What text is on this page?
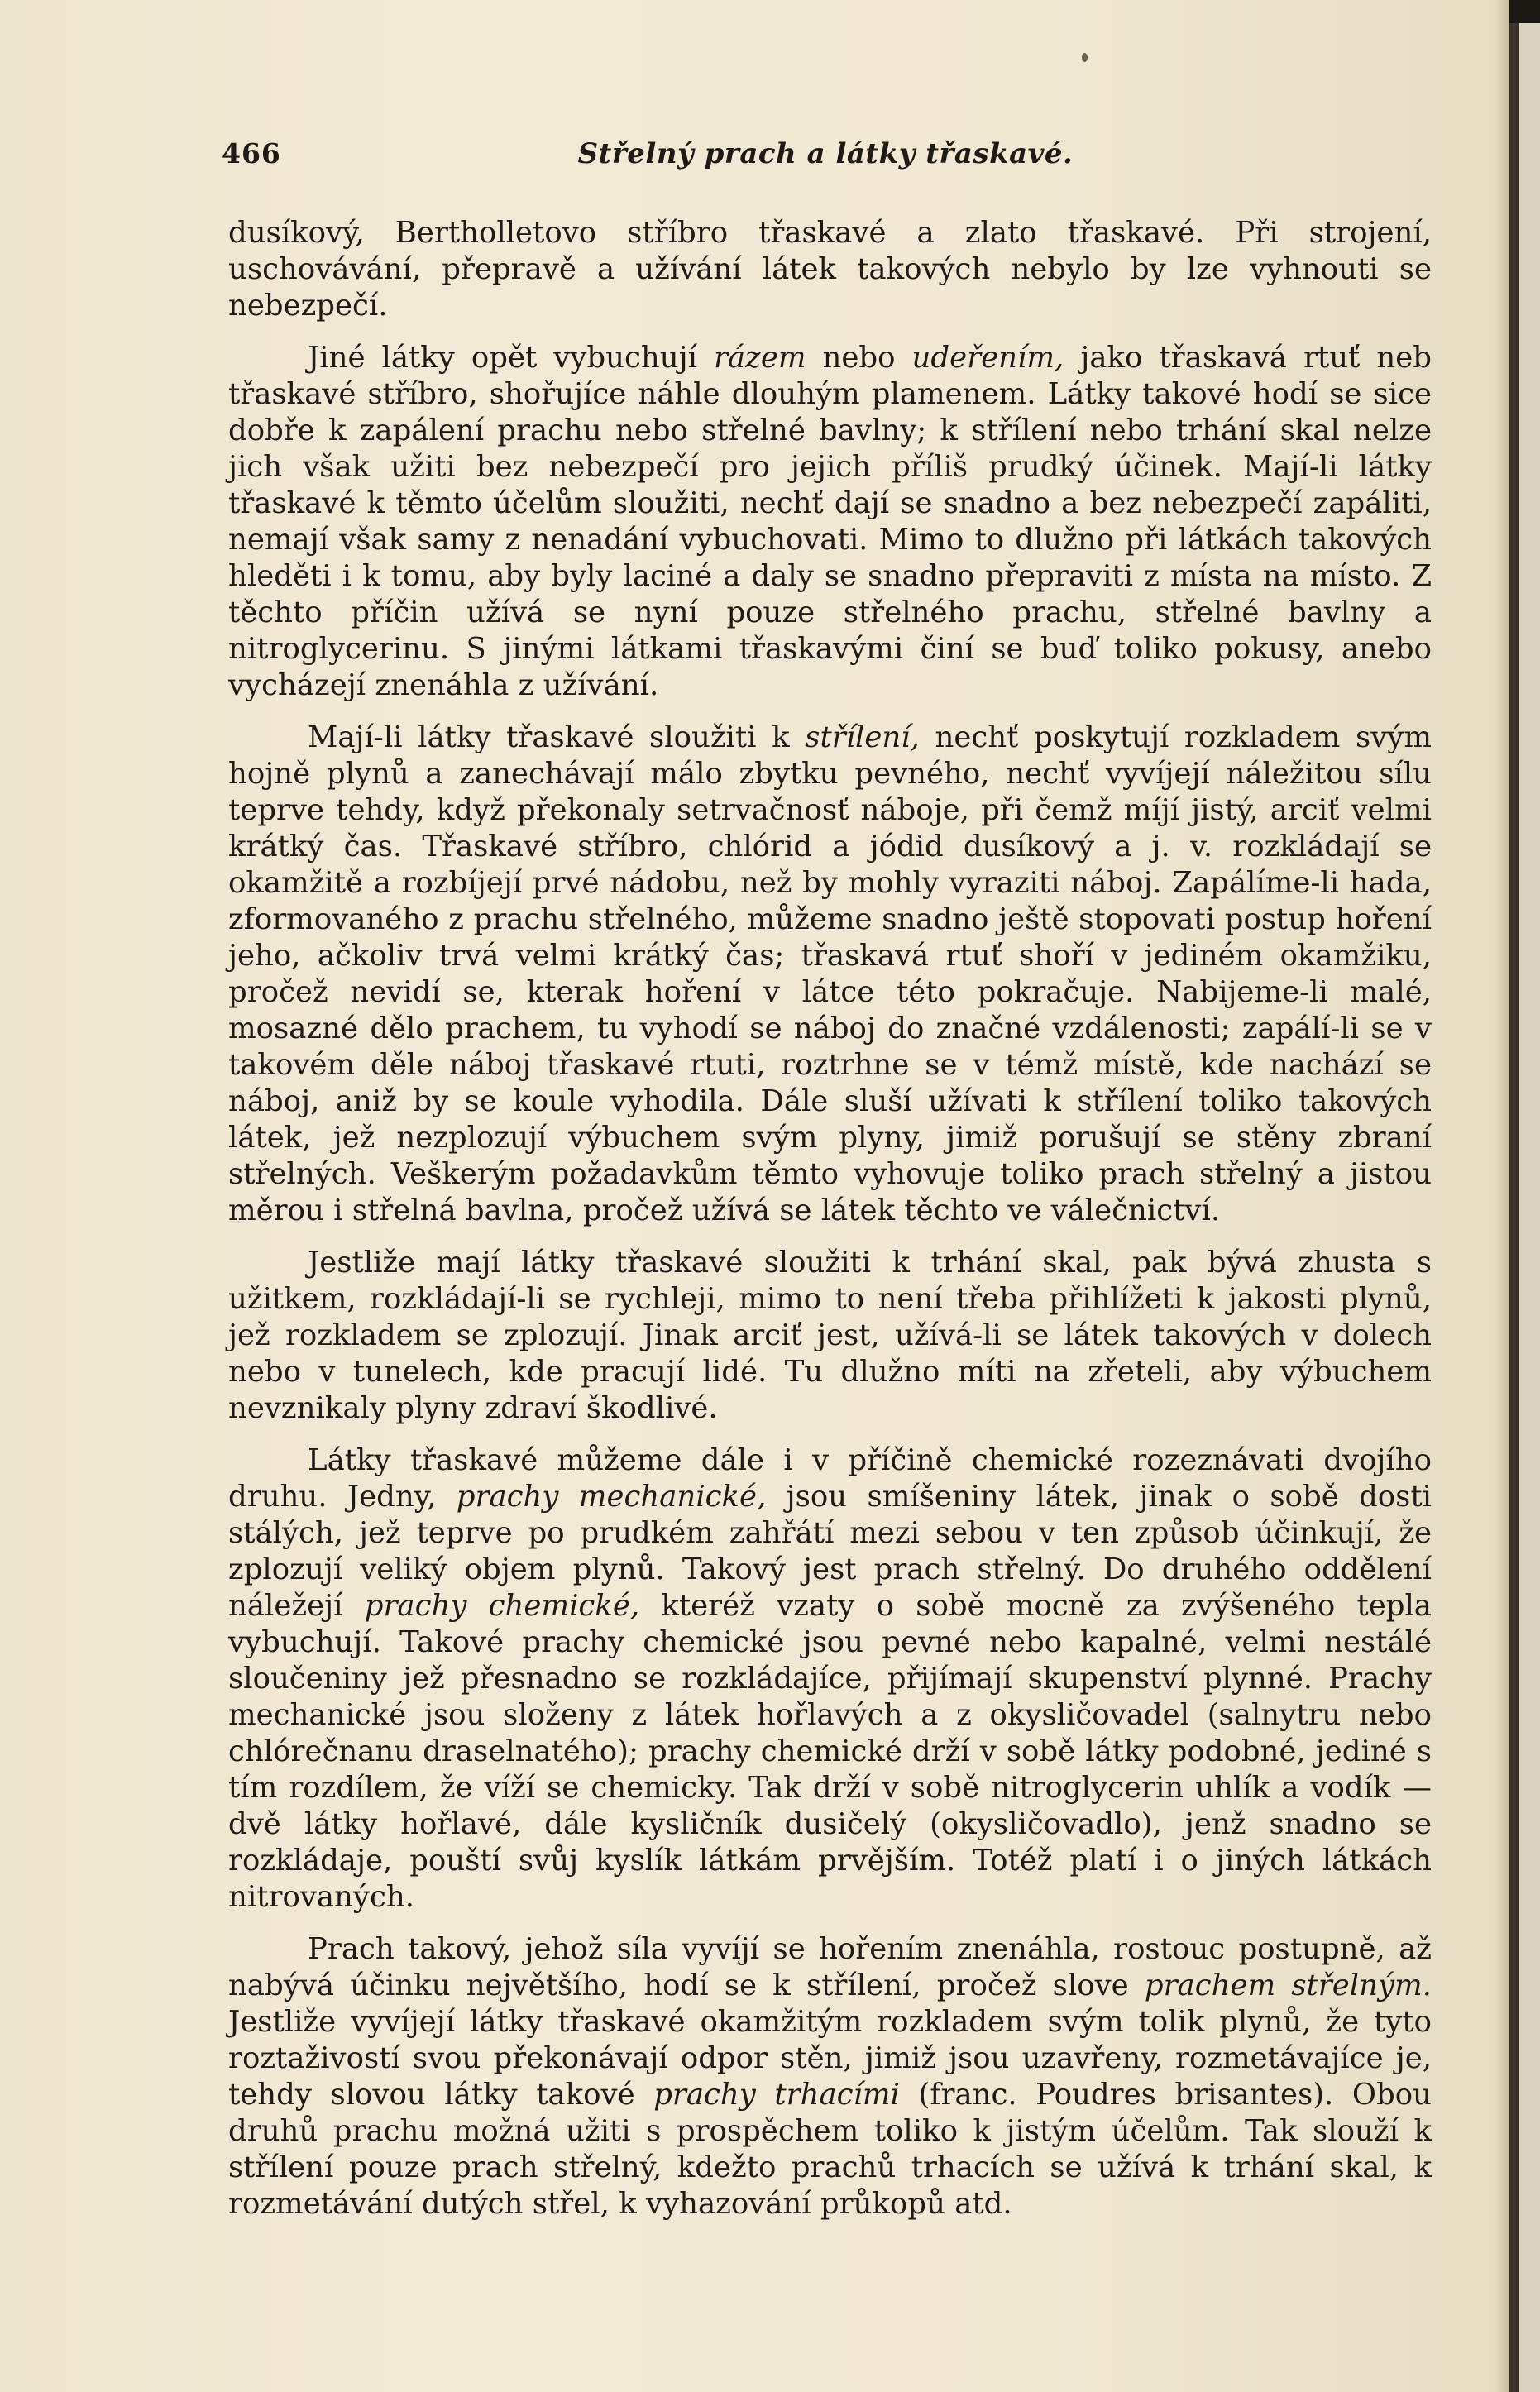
466	Střelný prach a látky třaskavé.

dusíkový, Bertholletovo stříbro třaskavé a zlato třaskavé. Při strojení, uschovávání, přepravě a užívání látek takových nebylo by lze vyhnouti se nebezpečí.

Jiné látky opět vybuchují rázem nebo udeřením, jako třaskavá rtuť neb třaskavé stříbro, shořujíce náhle dlouhým plamenem. Látky takové hodí se sice dobře k zapálení prachu nebo střelné bavlny; k střílení nebo trhání skal nelze jich však užiti bez nebezpečí pro jejich příliš prudký účinek. Mají-li látky třaskavé k těmto účelům sloužiti, nechť dají se snadno a bez nebezpečí zapáliti, nemají však samy z nenadání vybuchovati. Mimo to dlužno při látkách takových hleděti i k tomu, aby byly laciné a daly se snadno přepraviti z místa na místo. Z těchto příčin užívá se nyní pouze střelného prachu, střelné bavlny a nitroglycerinu. S jinými látkami třaskavými činí se buď toliko pokusy, anebo vycházejí znenáhla z užívání.

Mají-li látky třaskavé sloužiti k střílení, nechť poskytují rozkladem svým hojně plynů a zanechávají málo zbytku pevného, nechť vyvíjejí náležitou sílu teprve tehdy, když překonaly setrvačnosť náboje, při čemž míjí jistý, arciť velmi krátký čas. Třaskavé stříbro, chlórid a jódid dusíkový a j. v. rozkládají se okamžitě a rozbíjejí prvé nádobu, než by mohly vyraziti náboj. Zapálíme-li hada, zformovaného z prachu střelného, můžeme snadno ještě stopovati postup hoření jeho, ačkoliv trvá velmi krátký čas; třaskavá rtuť shoří v jediném okamžiku, pročež nevidí se, kterak hoření v látce této pokračuje. Nabijeme-li malé, mosazné dělo prachem, tu vyhodí se náboj do značné vzdálenosti; zapálí-li se v takovém děle náboj třaskavé rtuti, roztrhne se v témž místě, kde nachází se náboj, aniž by se koule vyhodila. Dále sluší užívati k střílení toliko takových látek, jež nezplozují výbuchem svým plyny, jimiž porušují se stěny zbraní střelných. Veškerým požadavkům těmto vyhovuje toliko prach střelný a jistou měrou i střelná bavlna, pročež užívá se látek těchto ve válečnictví.

Jestliže mají látky třaskavé sloužiti k trhání skal, pak bývá zhusta s užitkem, rozkládají-li se rychleji, mimo to není třeba přihlížeti k jakosti plynů, jež rozkladem se zplozují. Jinak arciť jest, užívá-li se látek takových v dolech nebo v tunelech, kde pracují lidé. Tu dlužno míti na zřeteli, aby výbuchem nevznikaly plyny zdraví škodlivé.

Látky třaskavé můžeme dále i v příčině chemické rozeznávati dvojího druhu. Jedny, prachy mechanické, jsou smíšeniny látek, jinak o sobě dosti stálých, jež teprve po prudkém zahřátí mezi sebou v ten způsob účinkují, že zplozují veliký objem plynů. Takový jest prach střelný. Do druhého oddělení náležejí prachy chemické, kteréž vzaty o sobě mocně za zvýšeného tepla vybuchují. Takové prachy chemické jsou pevné nebo kapalné, velmi nestálé sloučeniny jež přesnadno se rozkládajíce, přijímají skupenství plynné. Prachy mechanické jsou složeny z látek hořlavých a z okysličovadel (salnytru nebo chlórečnanu draselnatého); prachy chemické drží v sobě látky podobné, jediné s tím rozdílem, že víží se chemicky. Tak drží v sobě nitroglycerin uhlík a vodík — dvě látky hořlavé, dále kysličník dusičelý (okysličovadlo), jenž snadno se rozkládaje, pouští svůj kyslík látkám prvějším. Totéž platí i o jiných látkách nitrovaných.

Prach takový, jehož síla vyvíjí se hořením znenáhla, rostouc postupně, až nabývá účinku největšího, hodí se k střílení, pročež slove prachem střelným. Jestliže vyvíjejí látky třaskavé okamžitým rozkladem svým tolik plynů, že tyto roztaživostí svou překonávají odpor stěn, jimiž jsou uzavřeny, rozmetávajíce je, tehdy slovou látky takové prachy trhacími (franc. Poudres brisantes). Obou druhů prachu možná užiti s prospěchem toliko k jistým účelům. Tak slouží k střílení pouze prach střelný, kdežto prachů trhacích se užívá k trhání skal, k rozmetávání dutých střel, k vyhazování průkopů atd.
